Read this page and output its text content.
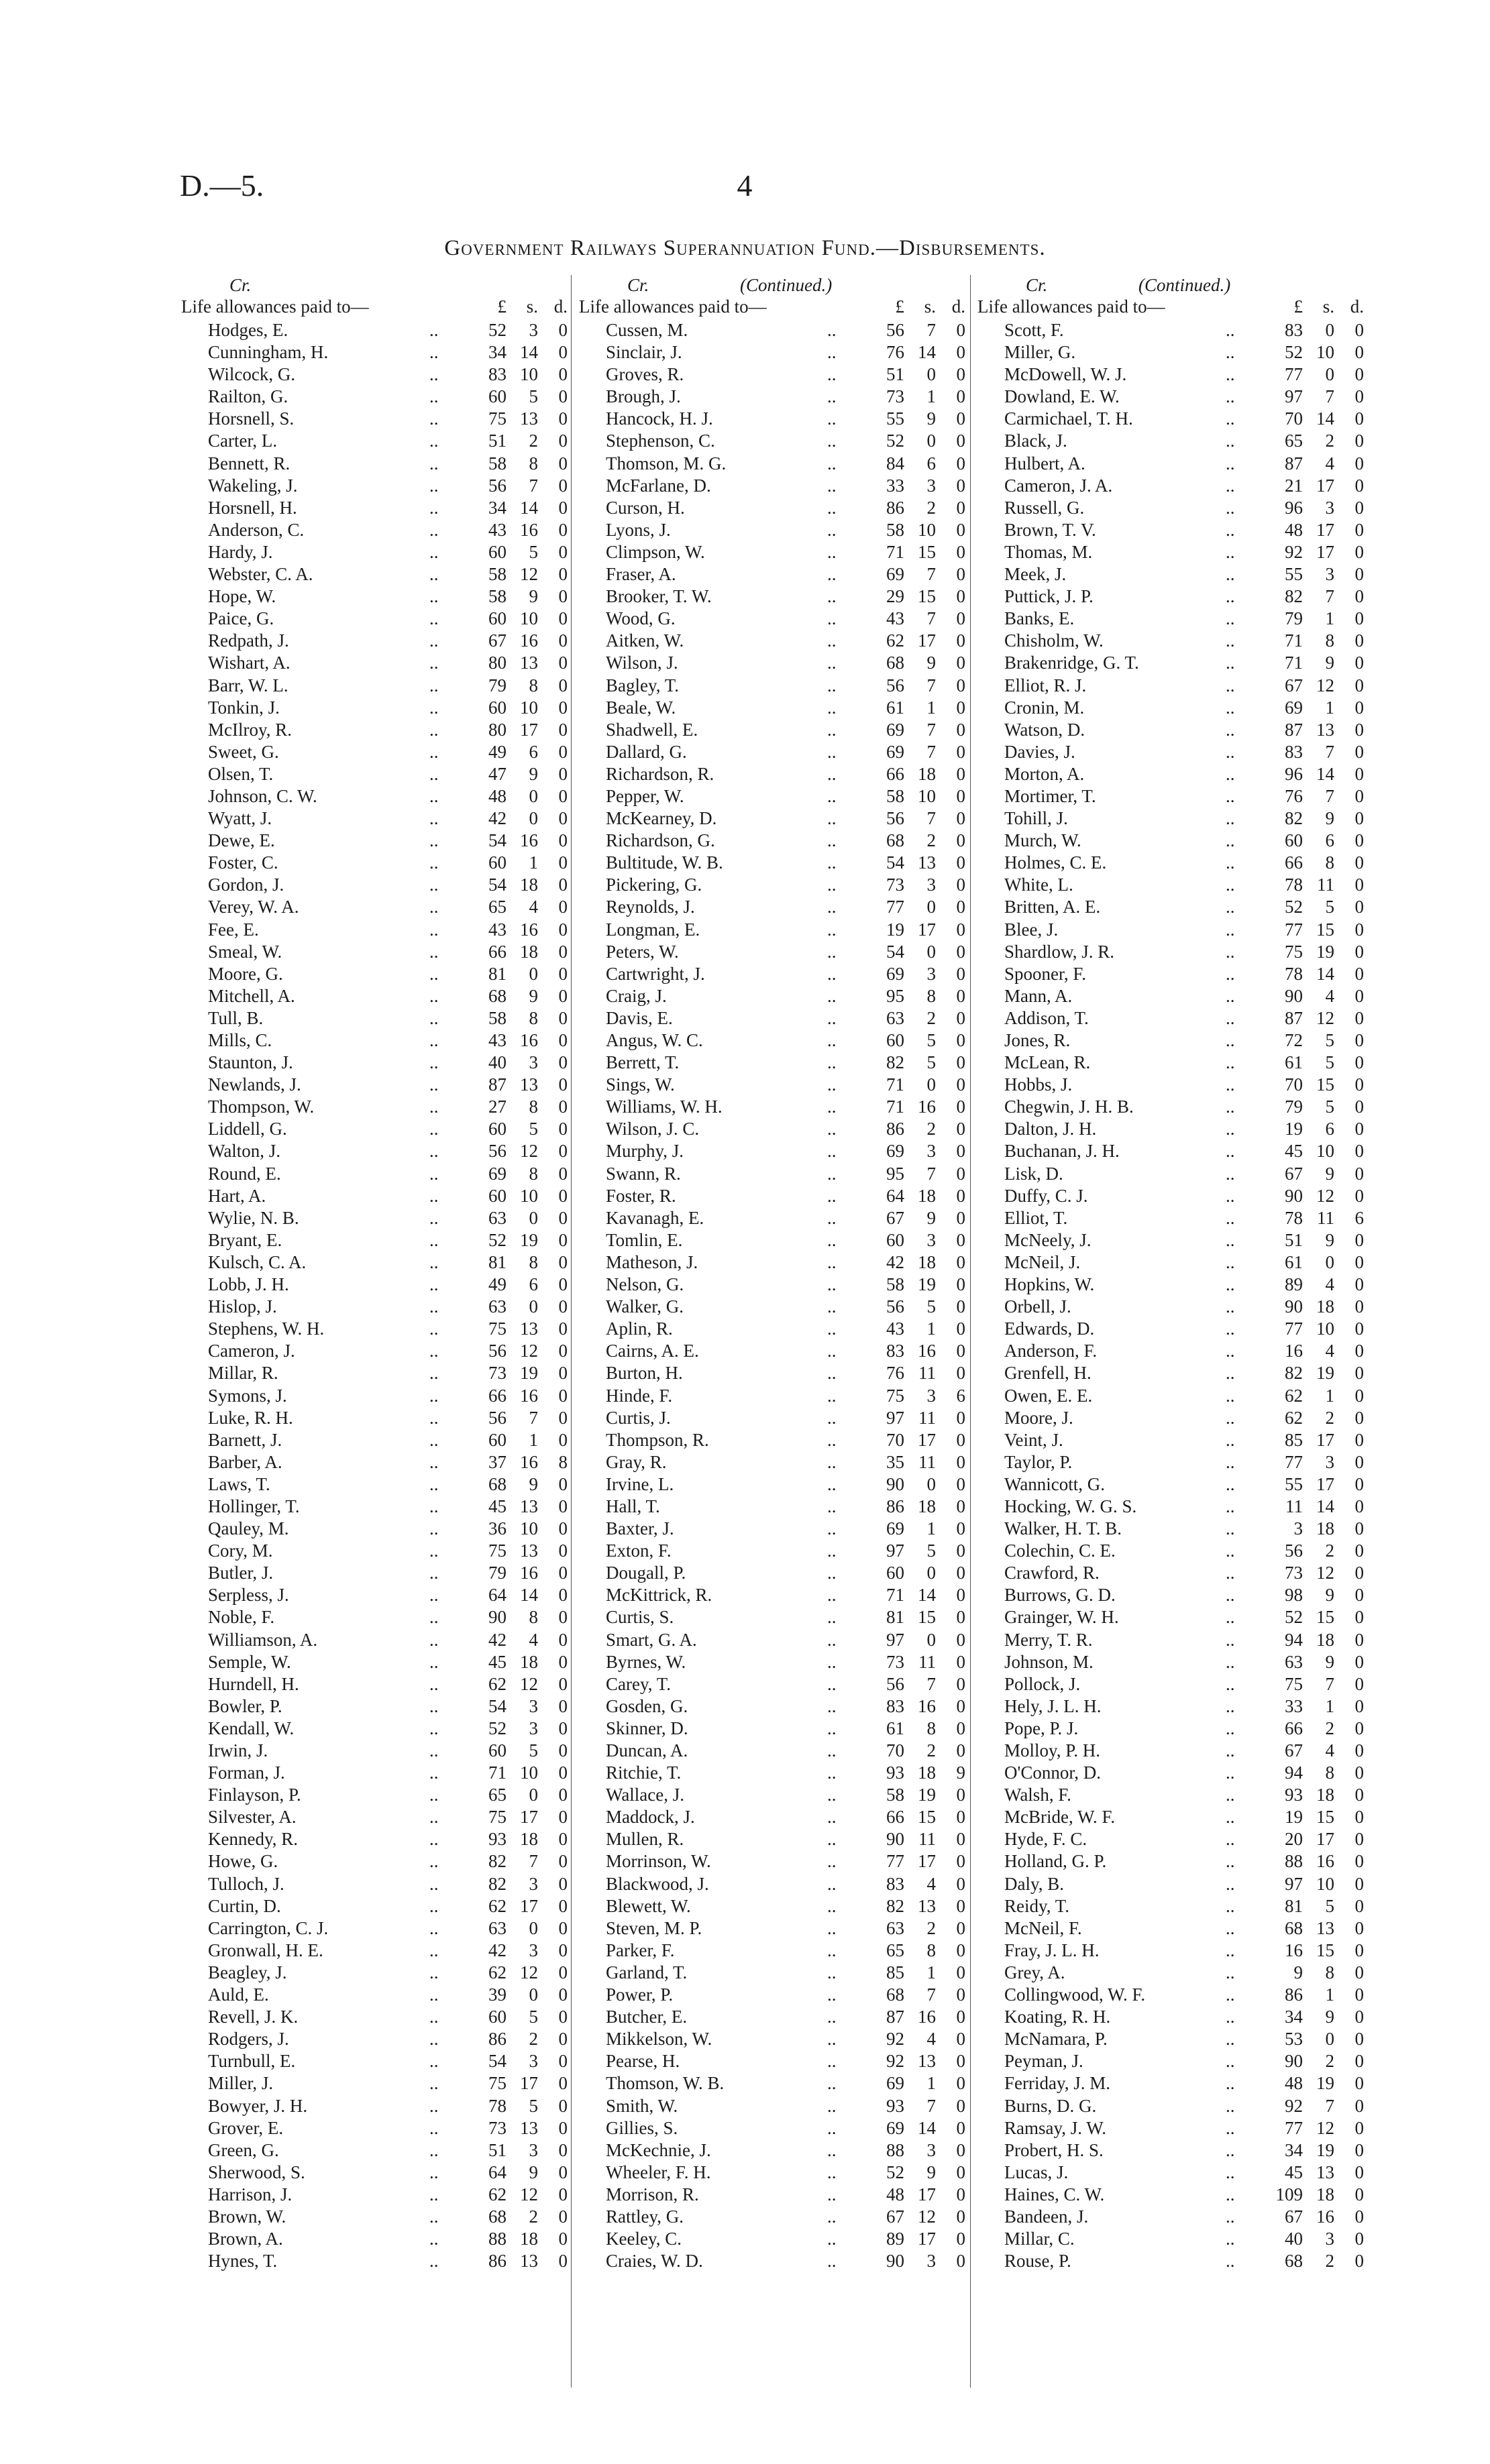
D.—5.	4
Government Railways Superannuation Fund.—Disbursements.
Cr.
Life allowances paid to—	£	s. d.
Hodges, E.	..	52	3	0
Cunningham, H.	..	34 14	0
Wilcock, G.	..	83 10	0
Railton, G.	..	60	5	0
Horsnell, S.	..	75 13	0
Carter, L.	..	51	2	0
Bennett, R.	..	58	8	0
Wakeling, J.	..	56	7	0
Horsnell, H.	..	34 14	0
Anderson, C.	..	43 16	0
Hardy, J.	..	60	5	0
Webster, C. A.	..	58 12	0
Hope, W.	..	58	9	0
Paice, G.	..	60 10	0
Redpath, J.	..	67 16	0
Wishart, A.	..	80 13	0
Barr, W. L.	..	79	8	0
Tonkin, J.	..	60 10	0
McIlroy, R.	..	80 17	0
Sweet, G.	..	49	6	0
Olsen, T.	..	47	9	0
Johnson, C. W.	..	48	0	0
Wyatt, J.	..	42	0	0
Dewe, E.	..	54 16	0
Foster, C.	..	60	1	0
Gordon, J.	..	54 18	0
Verey, W. A.	..	65	4	0
Fee, E.	..	43 16	0
Smeal, W.	..	66 18	0
Moore, G.	..	81	0	0
Mitchell, A.	..	68	9	0
Tull, B.	..	58	8	0
Mills, C.	..	43 16	0
Staunton, J.	..	40	3	0
Newlands, J.	..	87 13	0
Thompson, W.	..	27	8	0
Liddell, G.	..	60	5	0
Walton, J.	..	56 12	0
Round, E.	..	69	8	0
Hart, A.	..	60 10	0
Wylie, N. B.	..	63	0	0
Bryant, E.	..	52 19	0
Kulsch, C. A.	..	81	8	0
Lobb, J. H.	..	49	6	0
Hislop, J.	..	63	0	0
Stephens, W. H.	..	75 13	0
Cameron, J.	..	56 12	0
Millar, R.	..	73 19	0
Symons, J.	..	66 16	0
Luke, R. H.	..	56	7	0
Barnett, J.	..	60	1	0
Barber, A.	..	37 16	8
Laws, T.	..	68	9	0
Hollinger, T.	..	45 13	0
Qauley, M.	..	36 10	0
Cory, M.	..	75 13	0
Butler, J.	..	79 16	0
Serpless, J.	..	64 14	0
Noble, F.	..	90	8	0
Williamson, A.	..	42	4	0
Semple, W.	..	45 18	0
Hurndell, H.	..	62 12	0
Bowler, P.	..	54	3	0
Kendall, W.	..	52	3	0
Irwin, J.	..	60	5	0
Forman, J.	..	71 10	0
Finlayson, P.	..	65	0	0
Silvester, A.	..	75 17	0
Kennedy, R.	..	93 18	0
Howe, G.	..	82	7	0
Tulloch, J.	..	82	3	0
Curtin, D.	..	62 17	0
Carrington, C. J.	..	63	0	0
Gronwall, H. E.	..	42	3	0
Beagley, J.	..	62 12	0
Auld, E.	..	39	0	0
Revell, J. K.	..	60	5	0
Rodgers, J.	..	86	2	0
Turnbull, E.	..	54	3	0
Miller, J.	..	75 17	0
Bowyer, J. H.	..	78	5	0
Grover, E.	..	73 13	0
Green, G.	..	51	3	0
Sherwood, S.	..	64	9	0
Harrison, J.	..	62 12	0
Brown, W.	..	68	2	0
Brown, A.	..	88 18	0
Hynes, T.	..	86 13	0
Cr.	(Continued.)
Life allowances paid to—	£	s. d.
Cussen, M.	..	56	7	0
Sinclair, J.	..	76 14	0
Groves, R.	..	51	0	0
Brough, J.	..	73	1	0
Hancock, H. J.	..	55	9	0
Stephenson, C.	..	52	0	0
Thomson, M. G.	..	84	6	0
McFarlane, D.	..	33	3	0
Curson, H.	..	86	2	0
Lyons, J.	..	58 10	0
Climpson, W.	..	71 15	0
Fraser, A.	..	69	7	0
Brooker, T. W.	..	29 15	0
Wood, G.	..	43	7	0
Aitken, W.	..	62 17	0
Wilson, J.	..	68	9	0
Bagley, T.	..	56	7	0
Beale, W.	..	61	1	0
Shadwell, E.	..	69	7	0
Dallard, G.	..	69	7	0
Richardson, R.	..	66 18	0
Pepper, W.	..	58 10	0
McKearney, D.	..	56	7	0
Richardson, G.	..	68	2	0
Bultitude, W. B.	..	54 13	0
Pickering, G.	..	73	3	0
Reynolds, J.	..	77	0	0
Longman, E.	..	19 17	0
Peters, W.	..	54	0	0
Cartwright, J.	..	69	3	0
Craig, J.	..	95	8	0
Davis, E.	..	63	2	0
Angus, W. C.	..	60	5	0
Berrett, T.	..	82	5	0
Sings, W.	..	71	0	0
Williams, W. H.	..	71 16	0
Wilson, J. C.	..	86	2	0
Murphy, J.	..	69	3	0
Swann, R.	..	95	7	0
Foster, R.	..	64 18	0
Kavanagh, E.	..	67	9	0
Tomlin, E.	..	60	3	0
Matheson, J.	..	42 18	0
Nelson, G.	..	58 19	0
Walker, G.	..	56	5	0
Aplin, R.	..	43	1	0
Cairns, A. E.	..	83 16	0
Burton, H.	..	76 11	0
Hinde, F.	..	75	3	6
Curtis, J.	..	97 11	0
Thompson, R.	..	70 17	0
Gray, R.	..	35 11	0
Irvine, L.	..	90	0	0
Hall, T.	..	86 18	0
Baxter, J.	..	69	1	0
Exton, F.	..	97	5	0
Dougall, P.	..	60	0	0
McKittrick, R.	..	71 14	0
Curtis, S.	..	81 15	0
Smart, G. A.	..	97	0	0
Byrnes, W.	..	73 11	0
Carey, T.	..	56	7	0
Gosden, G.	..	83 16	0
Skinner, D.	..	61	8	0
Duncan, A.	..	70	2	0
Ritchie, T.	..	93 18	9
Wallace, J.	..	58 19	0
Maddock, J.	..	66 15	0
Mullen, R.	..	90 11	0
Morrinson, W.	..	77 17	0
Blackwood, J.	..	83	4	0
Blewett, W.	..	82 13	0
Steven, M. P.	..	63	2	0
Parker, F.	..	65	8	0
Garland, T.	..	85	1	0
Power, P.	..	68	7	0
Butcher, E.	..	87 16	0
Mikkelson, W.	..	92	4	0
Pearse, H.	..	92 13	0
Thomson, W. B.	..	69	1	0
Smith, W.	..	93	7	0
Gillies, S.	..	69 14	0
McKechnie, J.	..	88	3	0
Wheeler, F. H.	..	52	9	0
Morrison, R.	..	48 17	0
Rattley, G.	..	67 12	0
Keeley, C.	..	89 17	0
Craies, W. D.	..	90	3	0
Cr.	(Continued.)
Life allowances paid to—	£	s. d.
Scott, F.	..	83	0	0
Miller, G.	..	52 10	0
McDowell, W. J.	..	77	0	0
Dowland, E. W.	..	97	7	0
Carmichael, T. H.	..	70 14	0
Black, J.	..	65	2	0
Hulbert, A.	..	87	4	0
Cameron, J. A.	..	21 17	0
Russell, G.	..	96	3	0
Brown, T. V.	..	48 17	0
Thomas, M.	..	92 17	0
Meek, J.	..	55	3	0
Puttick, J. P.	..	82	7	0
Banks, E.	..	79	1	0
Chisholm, W.	..	71	8	0
Brakenridge, G. T.	..	71	9	0
Elliot, R. J.	..	67 12	0
Cronin, M.	..	69	1	0
Watson, D.	..	87 13	0
Davies, J.	..	83	7	0
Morton, A.	..	96 14	0
Mortimer, T.	..	76	7	0
Tohill, J.	..	82	9	0
Murch, W.	..	60	6	0
Holmes, C. E.	..	66	8	0
White, L.	..	78 11	0
Britten, A. E.	..	52	5	0
Blee, J.	..	77 15	0
Shardlow, J. R.	..	75 19	0
Spooner, F.	..	78 14	0
Mann, A.	..	90	4	0
Addison, T.	..	87 12	0
Jones, R.	..	72	5	0
McLean, R.	..	61	5	0
Hobbs, J.	..	70 15	0
Chegwin, J. H. B.	..	79	5	0
Dalton, J. H.	..	19	6	0
Buchanan, J. H.	..	45 10	0
Lisk, D.	..	67	9	0
Duffy, C. J.	..	90 12	0
Elliot, T.	..	78 11	6
McNeely, J.	..	51	9	0
McNeil, J.	..	61	0	0
Hopkins, W.	..	89	4	0
Orbell, J.	..	90 18	0
Edwards, D.	..	77 10	0
Anderson, F.	..	16	4	0
Grenfell, H.	..	82 19	0
Owen, E. E.	..	62	1	0
Moore, J.	..	62	2	0
Veint, J.	..	85 17	0
Taylor, P.	..	77	3	0
Wannicott, G.	..	55 17	0
Hocking, W. G. S.	..	11 14	0
Walker, H. T. B.	..	3 18	0
Colechin, C. E.	..	56	2	0
Crawford, R.	..	73 12	0
Burrows, G. D.	..	98	9	0
Grainger, W. H.	..	52 15	0
Merry, T. R.	..	94 18	0
Johnson, M.	..	63	9	0
Pollock, J.	..	75	7	0
Hely, J. L. H.	..	33	1	0
Pope, P. J.	..	66	2	0
Molloy, P. H.	..	67	4	0
O'Connor, D.	..	94	8	0
Walsh, F.	..	93 18	0
McBride, W. F.	..	19 15	0
Hyde, F. C.	..	20 17	0
Holland, G. P.	..	88 16	0
Daly, B.	..	97 10	0
Reidy, T.	..	81	5	0
McNeil, F.	..	68 13	0
Fray, J. L. H.	..	16 15	0
Grey, A.	..	9	8	0
Collingwood, W. F.	..	86	1	0
Koating, R. H.	..	34	9	0
McNamara, P.	..	53	0	0
Peyman, J.	..	90	2	0
Ferriday, J. M.	..	48 19	0
Burns, D. G.	..	92	7	0
Ramsay, J. W.	..	77 12	0
Probert, H. S.	..	34 19	0
Lucas, J.	..	45 13	0
Haines, C. W.	..	109 18	0
Bandeen, J.	..	67 16	0
Millar, C.	..	40	3	0
Rouse, P.	..	68	2	0
